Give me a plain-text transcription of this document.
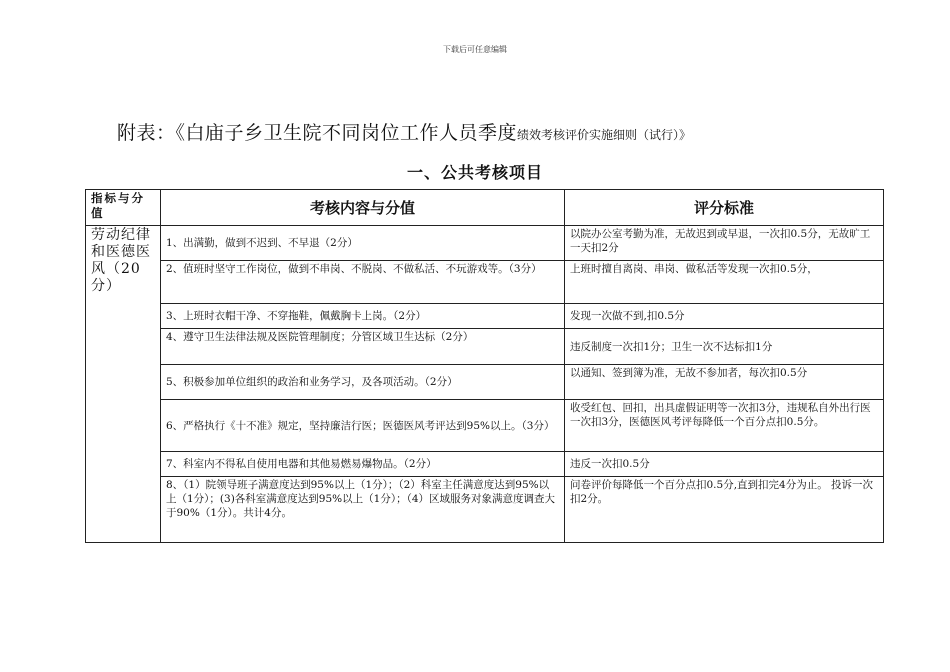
下载后可任意编辑
附表：《白庙子乡卫生院不同岗位工作人员季度绩效考核评价实施细则（试行）》
一、公共考核项目
指标与分值	考核内容与分值	评分标准
劳动纪律和医德医风（20分）	1、出满勤，做到不迟到、不早退（2分）	以院办公室考勤为准，无故迟到或早退，一次扣0.5分，无故旷工一天扣2分
	2、值班时坚守工作岗位，做到不串岗、不脱岗、不做私活、不玩游戏等。（3分）	上班时擅自离岗、串岗、做私活等发现一次扣0.5分，
	3、上班时衣帽干净、不穿拖鞋，佩戴胸卡上岗。（2分）	发现一次做不到,扣0.5分
	4、遵守卫生法律法规及医院管理制度；分管区域卫生达标（2分）	违反制度一次扣1分；卫生一次不达标扣1分
	5、积极参加单位组织的政治和业务学习，及各项活动。（2分）	以通知、签到簿为准，无故不参加者，每次扣0.5分
	6、严格执行《十不准》规定，坚持廉洁行医；医德医风考评达到95%以上。（3分）	收受红包、回扣，出具虚假证明等一次扣3分，违规私自外出行医一次扣3分，医德医风考评每降低一个百分点扣0.5分。
	7、科室内不得私自使用电器和其他易燃易爆物品。（2分）	违反一次扣0.5分
	8、（1）院领导班子满意度达到95%以上（1分）；（2）科室主任满意度达到95%以上（1分）；(3)各科室满意度达到95%以上（1分）；（4）区域服务对象满意度调查大于90%（1分）。共计4分。	问卷评价每降低一个百分点扣0.5分,直到扣完4分为止。 投诉一次扣2分。
